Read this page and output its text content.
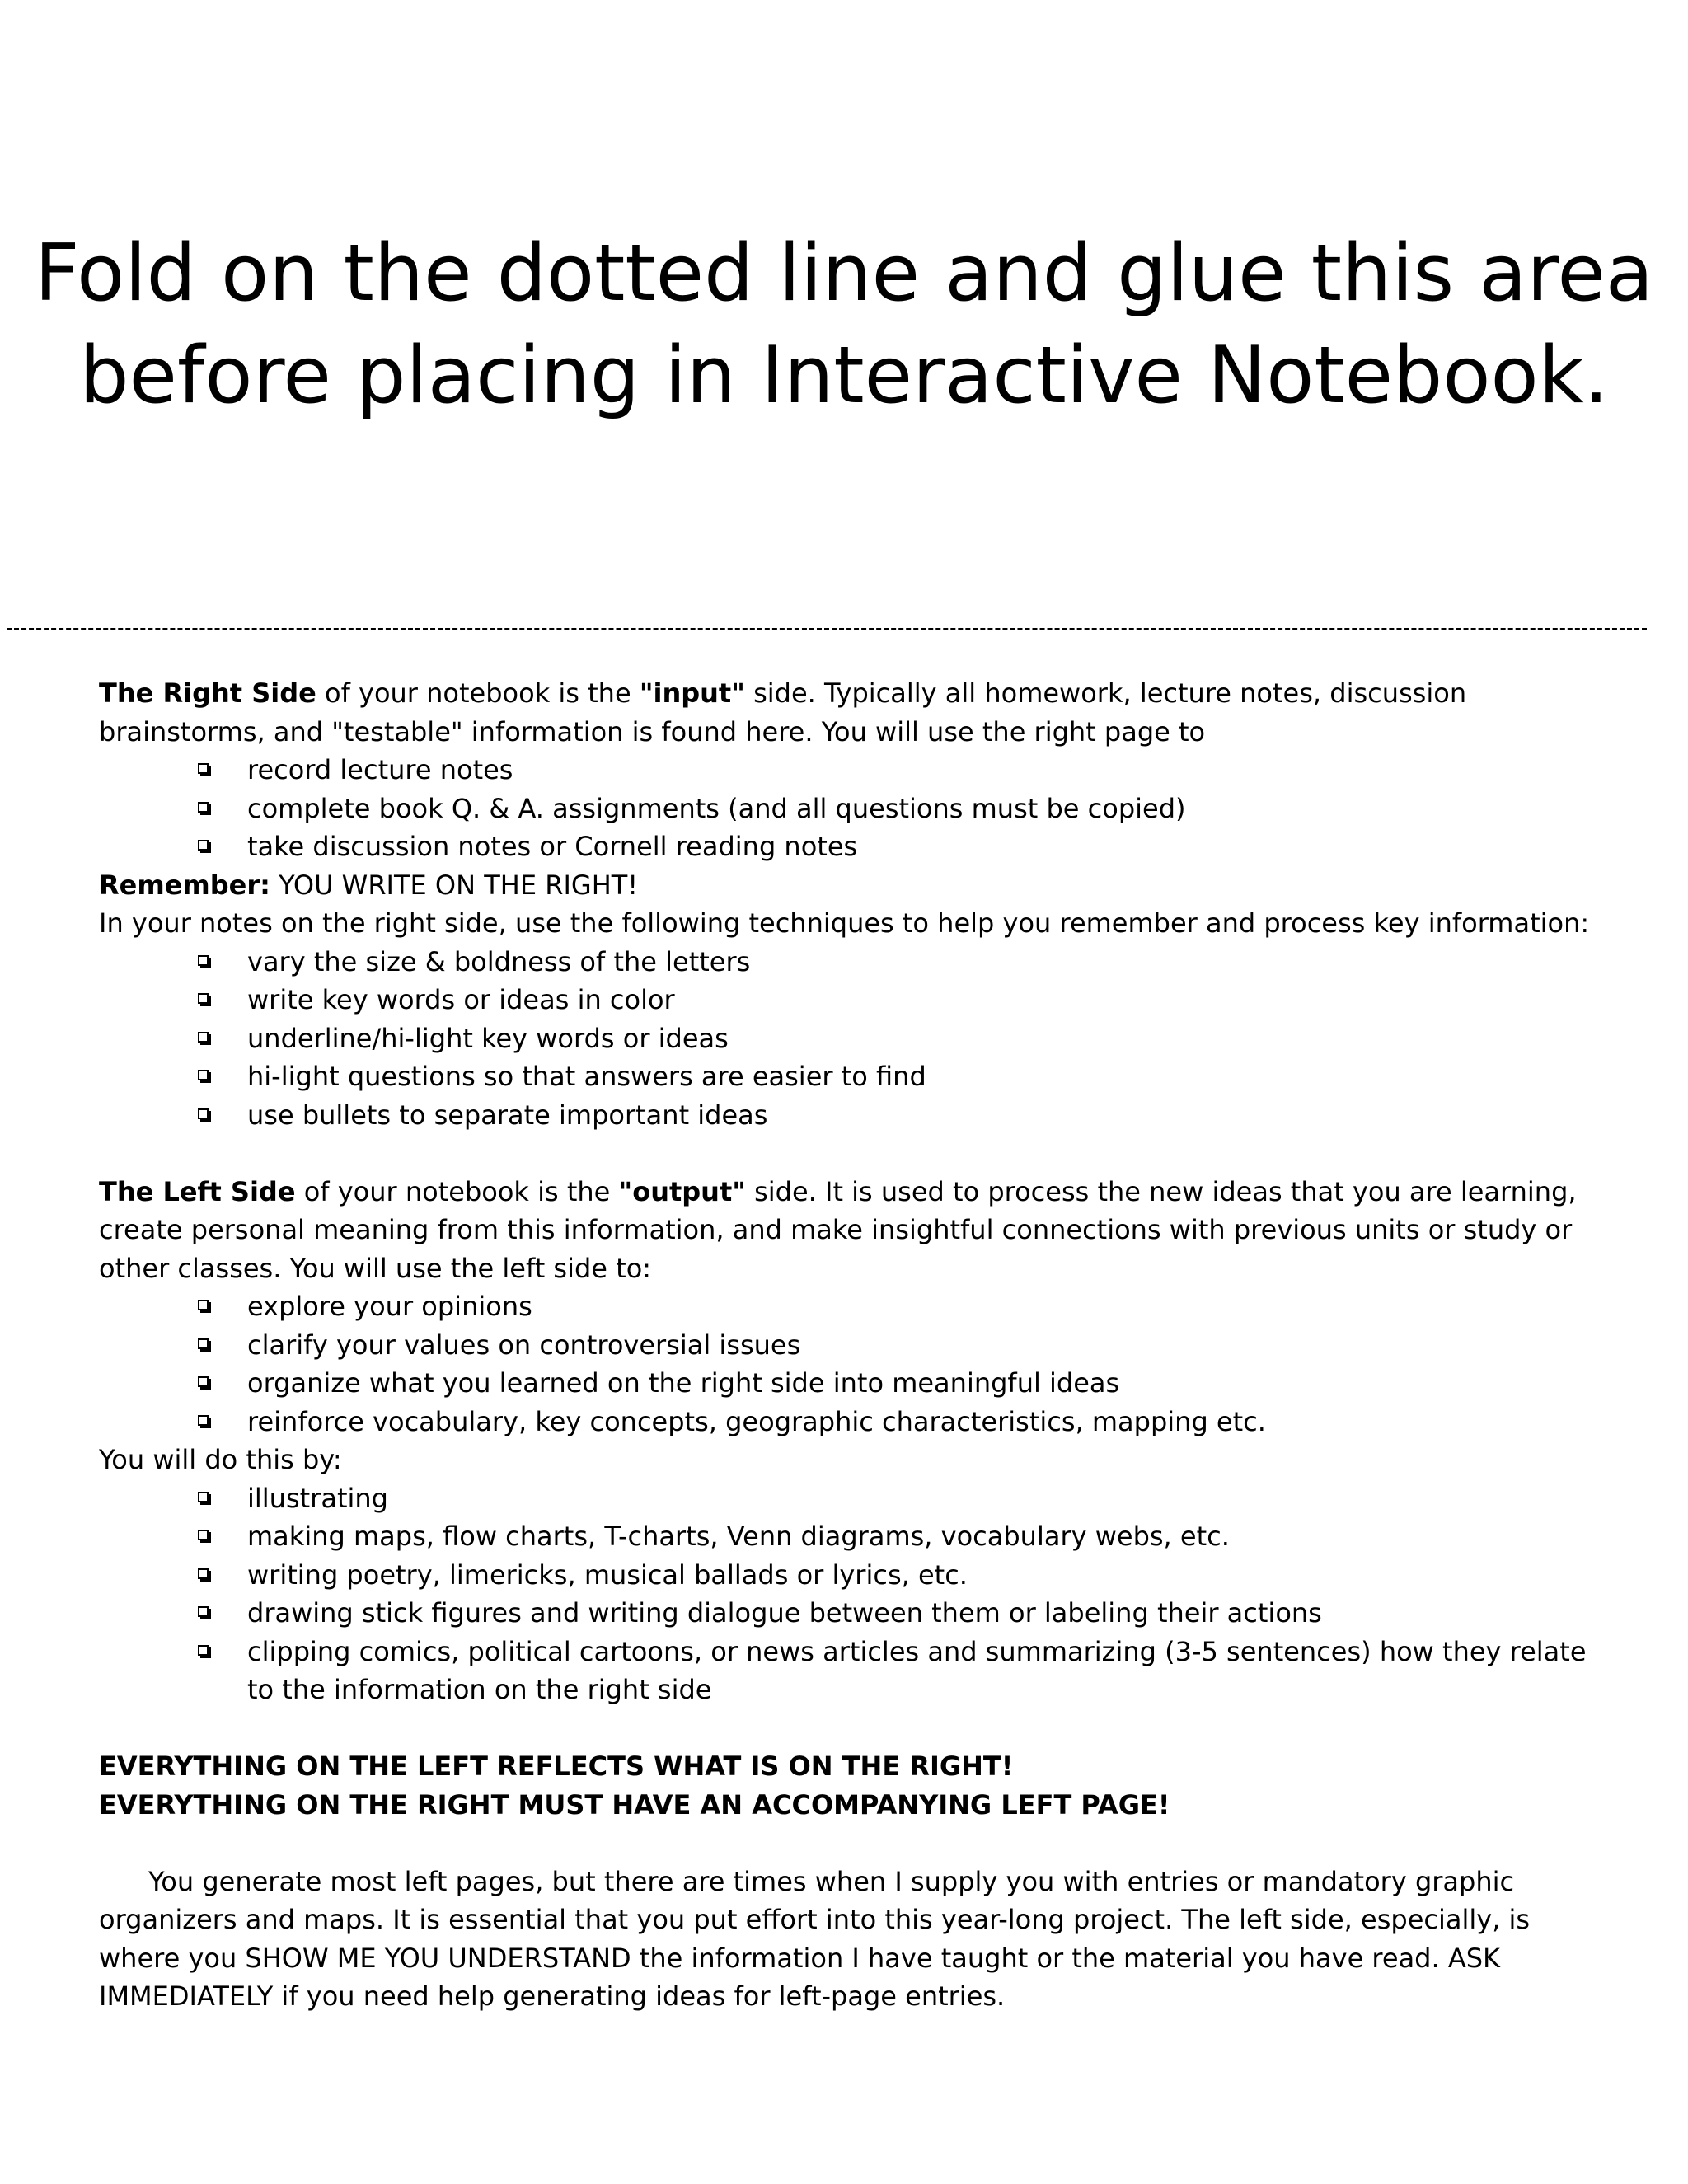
Fold on the dotted line and glue this area
before placing in Interactive Notebook.

The Right Side of your notebook is the "input" side. Typically all homework, lecture notes, discussion brainstorms, and "testable" information is found here. You will use the right page to

record lecture notes
complete book Q. & A. assignments (and all questions must be copied)
take discussion notes or Cornell reading notes

Remember: YOU WRITE ON THE RIGHT!

In your notes on the right side, use the following techniques to help you remember and process key information:

vary the size & boldness of the letters
write key words or ideas in color
underline/hi-light key words or ideas
hi-light questions so that answers are easier to find
use bullets to separate important ideas

The Left Side of your notebook is the "output" side. It is used to process the new ideas that you are learning, create personal meaning from this information, and make insightful connections with previous units or study or other classes. You will use the left side to:

explore your opinions
clarify your values on controversial issues
organize what you learned on the right side into meaningful ideas
reinforce vocabulary, key concepts, geographic characteristics, mapping etc.

You will do this by:

illustrating
making maps, flow charts, T-charts, Venn diagrams, vocabulary webs, etc.
writing poetry, limericks, musical ballads or lyrics, etc.
drawing stick figures and writing dialogue between them or labeling their actions
clipping comics, political cartoons, or news articles and summarizing (3-5 sentences) how they relate to the information on the right side

EVERYTHING ON THE LEFT REFLECTS WHAT IS ON THE RIGHT!

EVERYTHING ON THE RIGHT MUST HAVE AN ACCOMPANYING LEFT PAGE!

You generate most left pages, but there are times when I supply you with entries or mandatory graphic organizers and maps. It is essential that you put effort into this year-long project. The left side, especially, is where you SHOW ME YOU UNDERSTAND the information I have taught or the material you have read. ASK IMMEDIATELY if you need help generating ideas for left-page entries.
